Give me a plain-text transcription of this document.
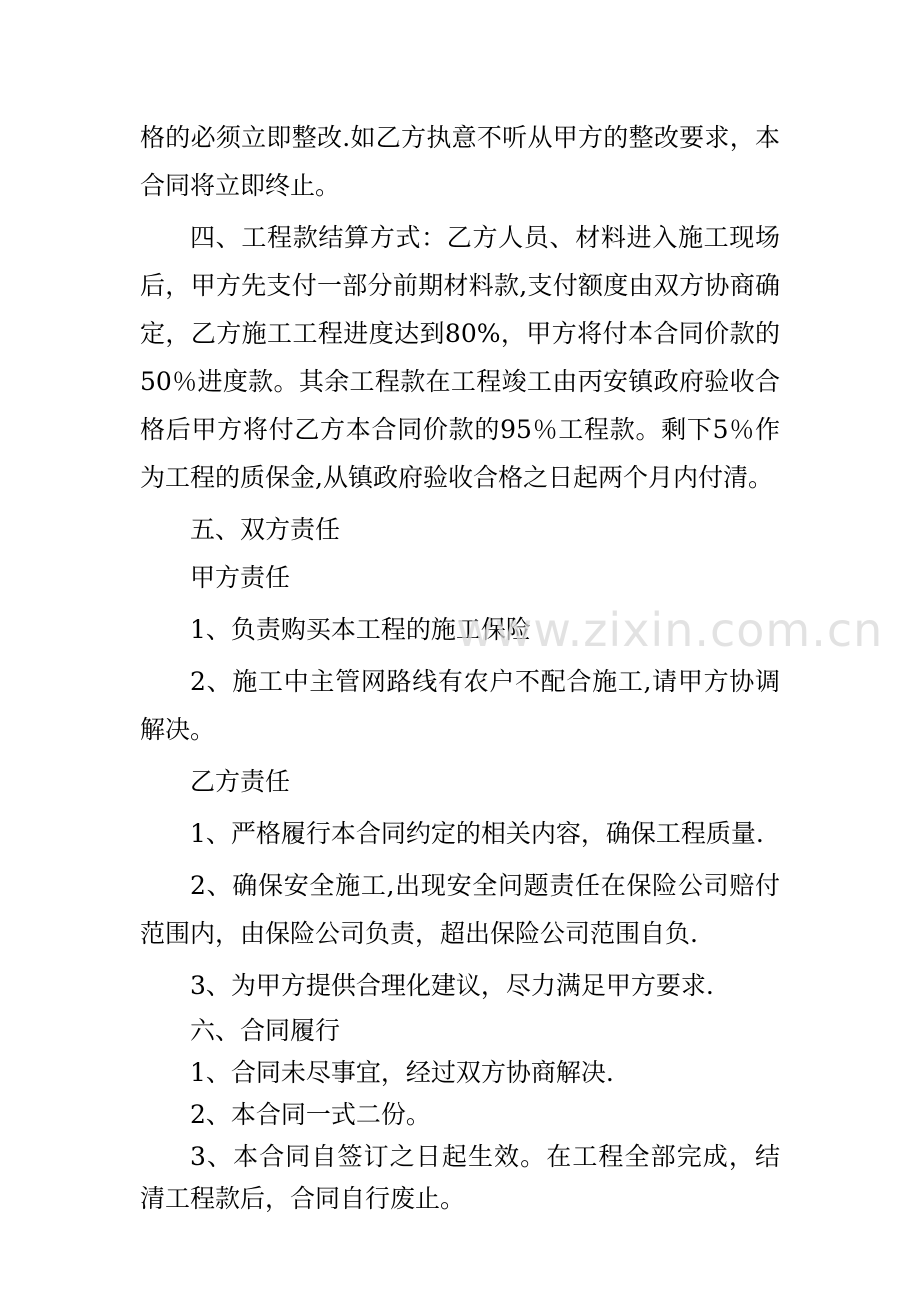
格的必须立即整改.如乙方执意不听从甲方的整改要求，本合同将立即终止。

四、工程款结算方式：乙方人员、材料进入施工现场后，甲方先支付一部分前期材料款,支付额度由双方协商确定，乙方施工工程进度达到80%，甲方将付本合同价款的50％进度款。其余工程款在工程竣工由丙安镇政府验收合格后甲方将付乙方本合同价款的95％工程款。剩下5％作为工程的质保金,从镇政府验收合格之日起两个月内付清。

五、双方责任

甲方责任

1、负责购买本工程的施工保险

2、施工中主管网路线有农户不配合施工,请甲方协调解决。

乙方责任

1、严格履行本合同约定的相关内容，确保工程质量.

2、确保安全施工,出现安全问题责任在保险公司赔付范围内，由保险公司负责，超出保险公司范围自负.

3、为甲方提供合理化建议，尽力满足甲方要求.

六、合同履行

1、合同未尽事宜，经过双方协商解决.

2、本合同一式二份。

3、本合同自签订之日起生效。在工程全部完成，结清工程款后，合同自行废止。

www.zixin.com.cn
